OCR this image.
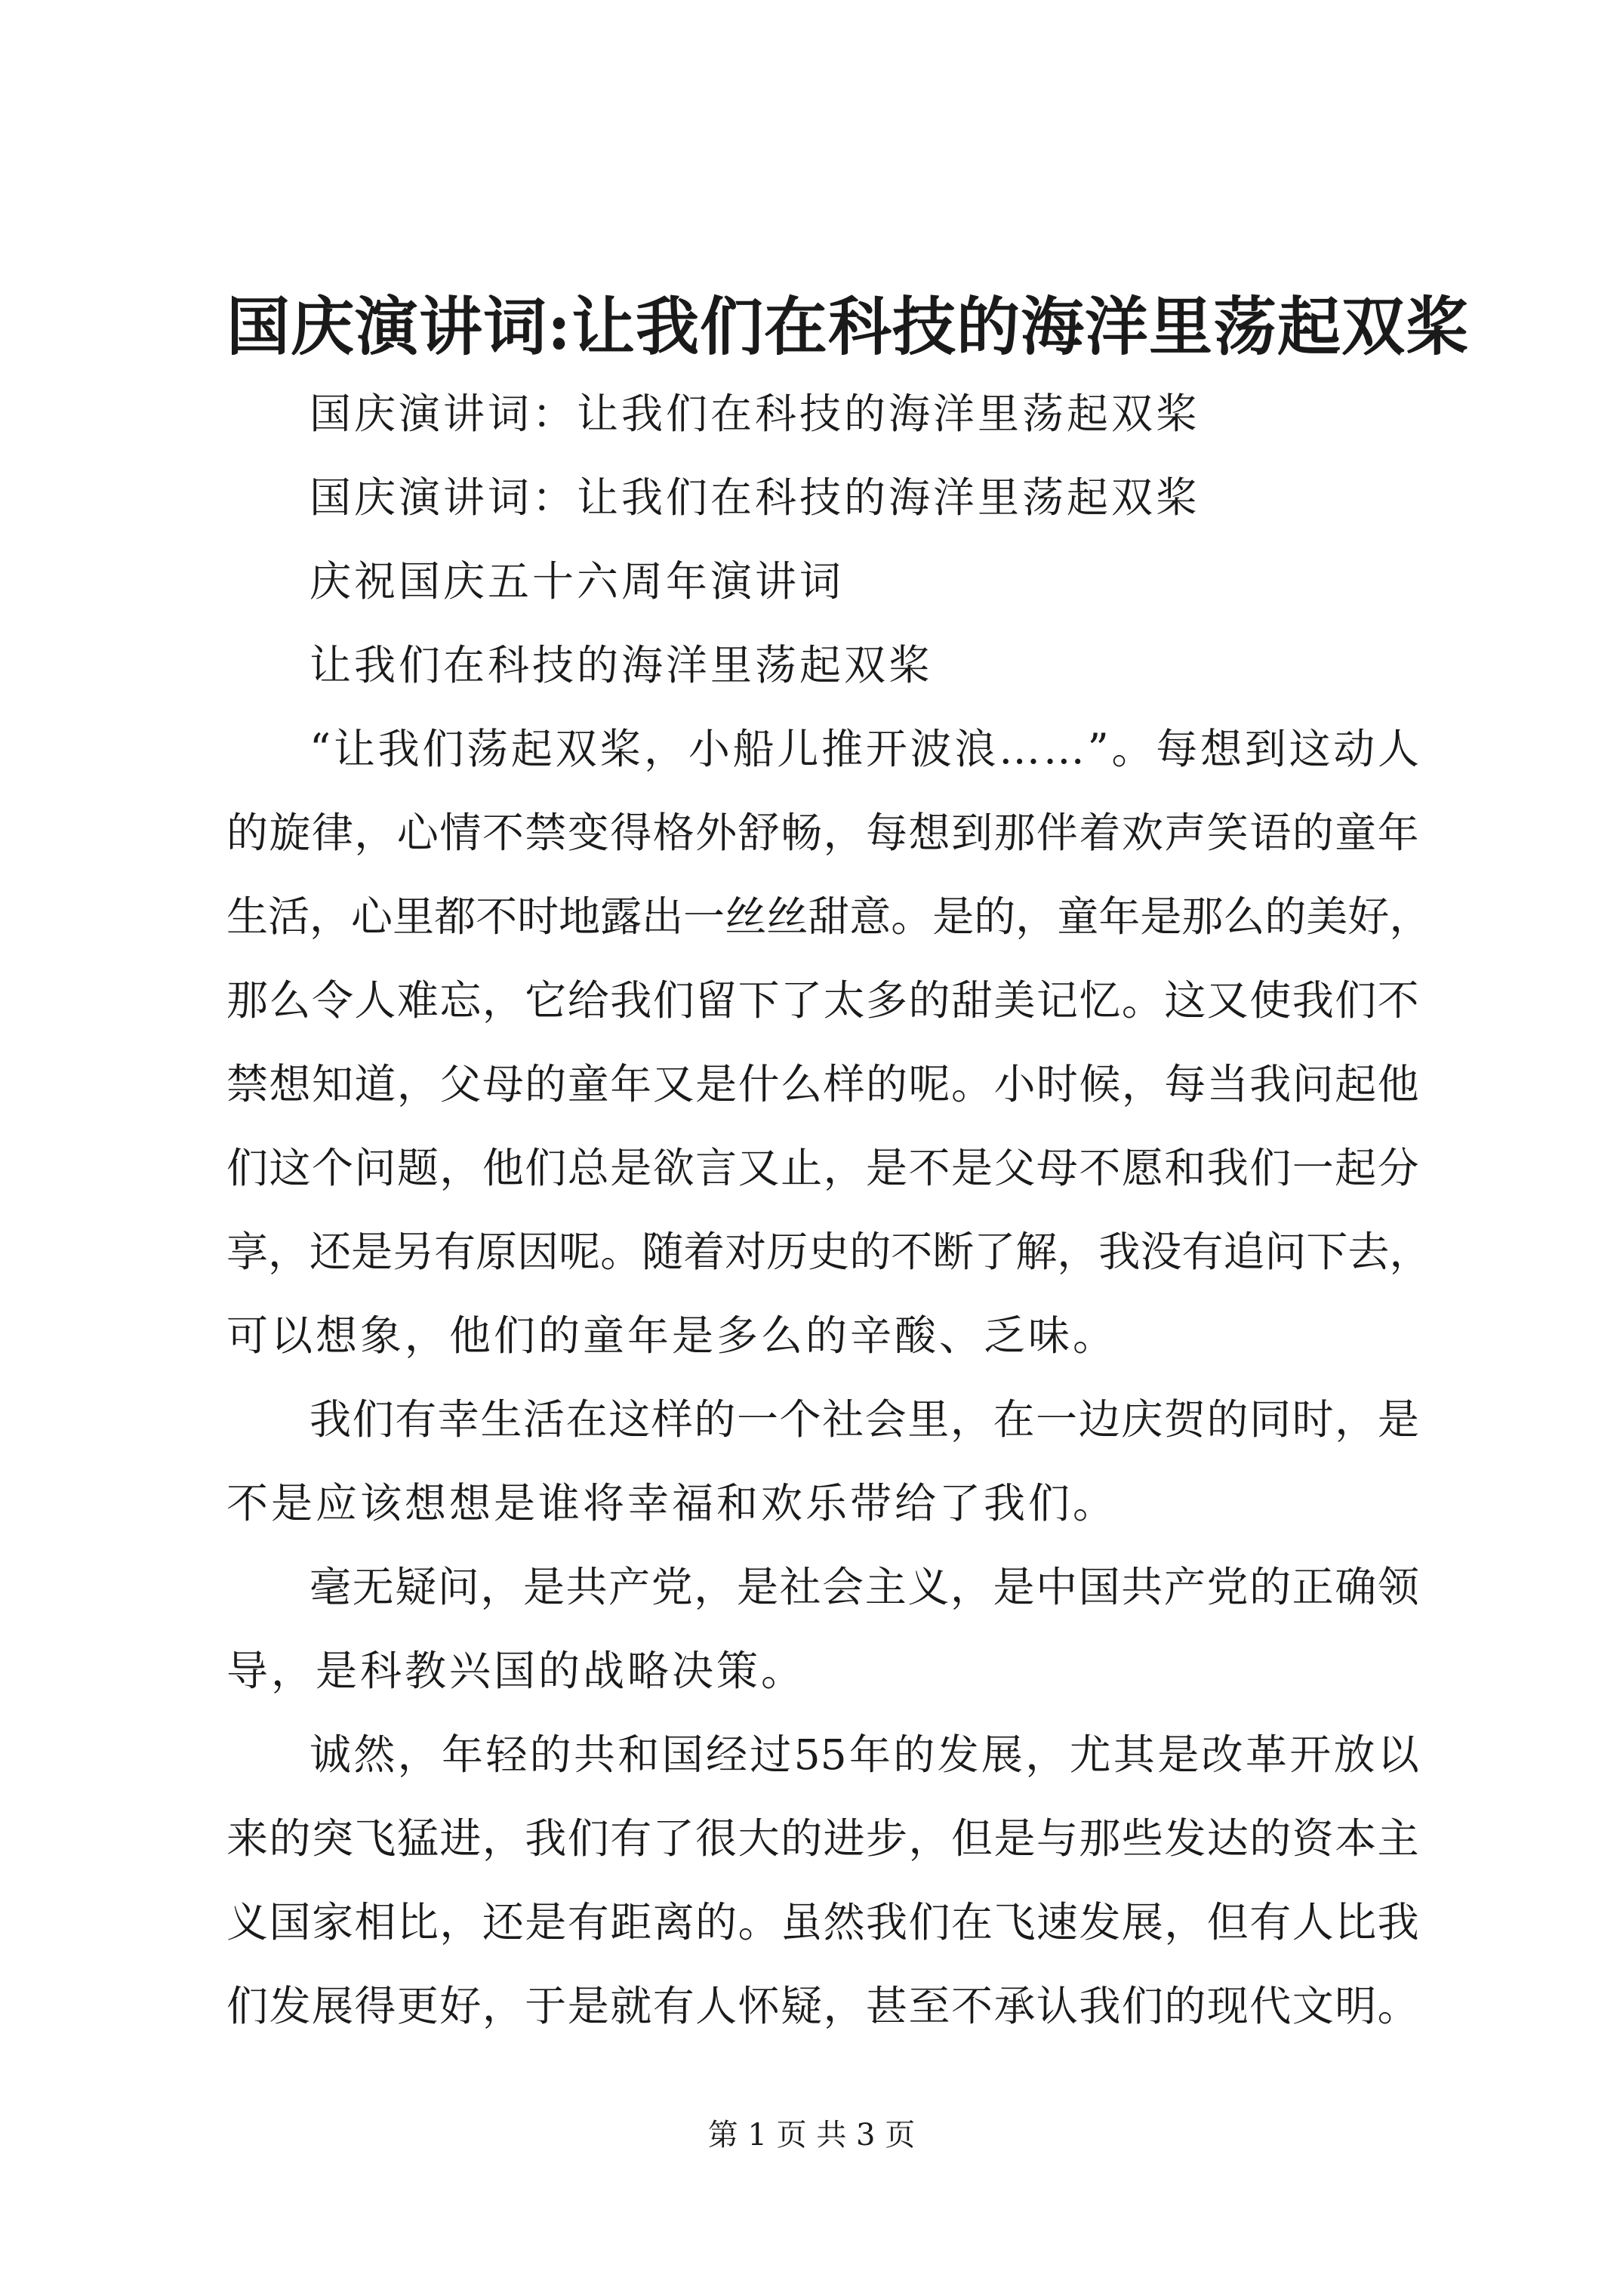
国庆演讲词:让我们在科技的海洋里荡起双桨
国庆演讲词：让我们在科技的海洋里荡起双桨
国庆演讲词：让我们在科技的海洋里荡起双桨
庆祝国庆五十六周年演讲词
让我们在科技的海洋里荡起双桨
“ 让 我 们 荡 起 双 桨 ， 小 船 儿 推 开 波 浪 … … ” 。 每 想 到 这 动 人
的 旋 律 ， 心 情 不 禁 变 得 格 外 舒 畅 ， 每 想 到 那 伴 着 欢 声 笑 语 的 童 年
生 活 ， 心 里 都 不 时 地 露 出 一 丝 丝 甜 意 。 是 的 ， 童 年 是 那 么 的 美 好 ，
那 么 令 人 难 忘 ， 它 给 我 们 留 下 了 太 多 的 甜 美 记 忆 。 这 又 使 我 们 不
禁 想 知 道 ， 父 母 的 童 年 又 是 什 么 样 的 呢 。 小 时 候 ， 每 当 我 问 起 他
们 这 个 问 题 ， 他 们 总 是 欲 言 又 止 ， 是 不 是 父 母 不 愿 和 我 们 一 起 分
享 ， 还 是 另 有 原 因 呢 。 随 着 对 历 史 的 不 断 了 解 ， 我 没 有 追 问 下 去 ，
可以想象，他们的童年是多么的辛酸、乏味。
我 们 有 幸 生 活 在 这 样 的 一 个 社 会 里 ， 在 一 边 庆 贺 的 同 时 ， 是
不是应该想想是谁将幸福和欢乐带给了我们。
毫 无 疑 问 ， 是 共 产 党 ， 是 社 会 主 义 ， 是 中 国 共 产 党 的 正 确 领
导，是科教兴国的战略决策。
诚 然 ， 年 轻 的 共 和 国 经 过 55 年 的 发 展 ， 尤 其 是 改 革 开 放 以
来 的 突 飞 猛 进 ， 我 们 有 了 很 大 的 进 步 ， 但 是 与 那 些 发 达 的 资 本 主
义 国 家 相 比 ， 还 是 有 距 离 的 。 虽 然 我 们 在 飞 速 发 展 ， 但 有 人 比 我
们 发 展 得 更 好 ， 于 是 就 有 人 怀 疑 ， 甚 至 不 承 认 我 们 的 现 代 文 明 。
第 1 页 共 3 页
